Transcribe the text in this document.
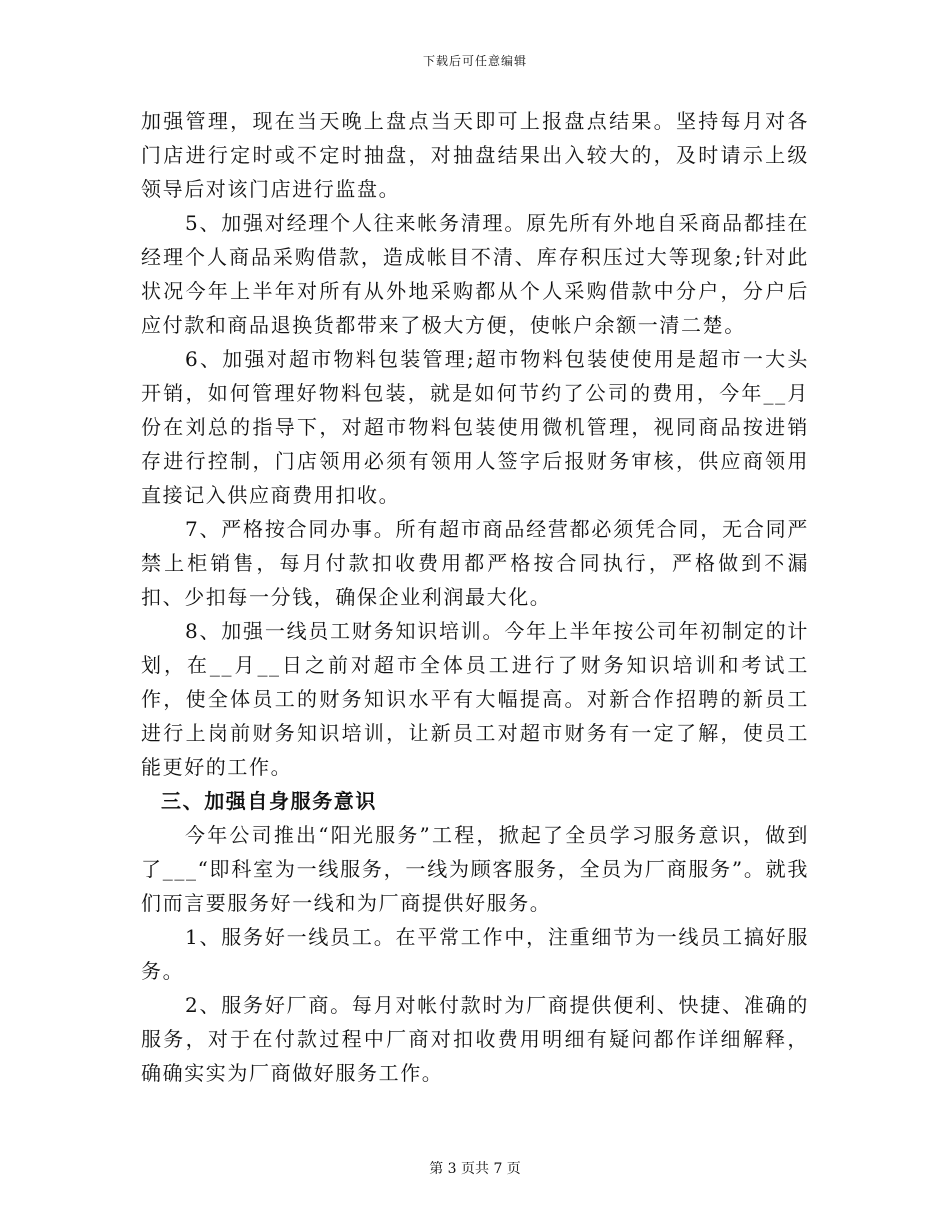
下载后可任意编辑

加强管理，现在当天晚上盘点当天即可上报盘点结果。坚持每月对各门店进行定时或不定时抽盘，对抽盘结果出入较大的，及时请示上级领导后对该门店进行监盘。

5、加强对经理个人往来帐务清理。原先所有外地自采商品都挂在经理个人商品采购借款，造成帐目不清、库存积压过大等现象;针对此状况今年上半年对所有从外地采购都从个人采购借款中分户，分户后应付款和商品退换货都带来了极大方便，使帐户余额一清二楚。

6、加强对超市物料包装管理;超市物料包装使使用是超市一大头开销，如何管理好物料包装，就是如何节约了公司的费用，今年__月份在刘总的指导下，对超市物料包装使用微机管理，视同商品按进销存进行控制，门店领用必须有领用人签字后报财务审核，供应商领用直接记入供应商费用扣收。

7、严格按合同办事。所有超市商品经营都必须凭合同，无合同严禁上柜销售，每月付款扣收费用都严格按合同执行，严格做到不漏扣、少扣每一分钱，确保企业利润最大化。

8、加强一线员工财务知识培训。今年上半年按公司年初制定的计划，在__月__日之前对超市全体员工进行了财务知识培训和考试工作，使全体员工的财务知识水平有大幅提高。对新合作招聘的新员工进行上岗前财务知识培训，让新员工对超市财务有一定了解，使员工能更好的工作。

三、加强自身服务意识

今年公司推出“阳光服务”工程，掀起了全员学习服务意识，做到了___“即科室为一线服务，一线为顾客服务，全员为厂商服务”。就我们而言要服务好一线和为厂商提供好服务。

1、服务好一线员工。在平常工作中，注重细节为一线员工搞好服务。

2、服务好厂商。每月对帐付款时为厂商提供便利、快捷、准确的服务，对于在付款过程中厂商对扣收费用明细有疑问都作详细解释，确确实实为厂商做好服务工作。

第 3 页共 7 页
